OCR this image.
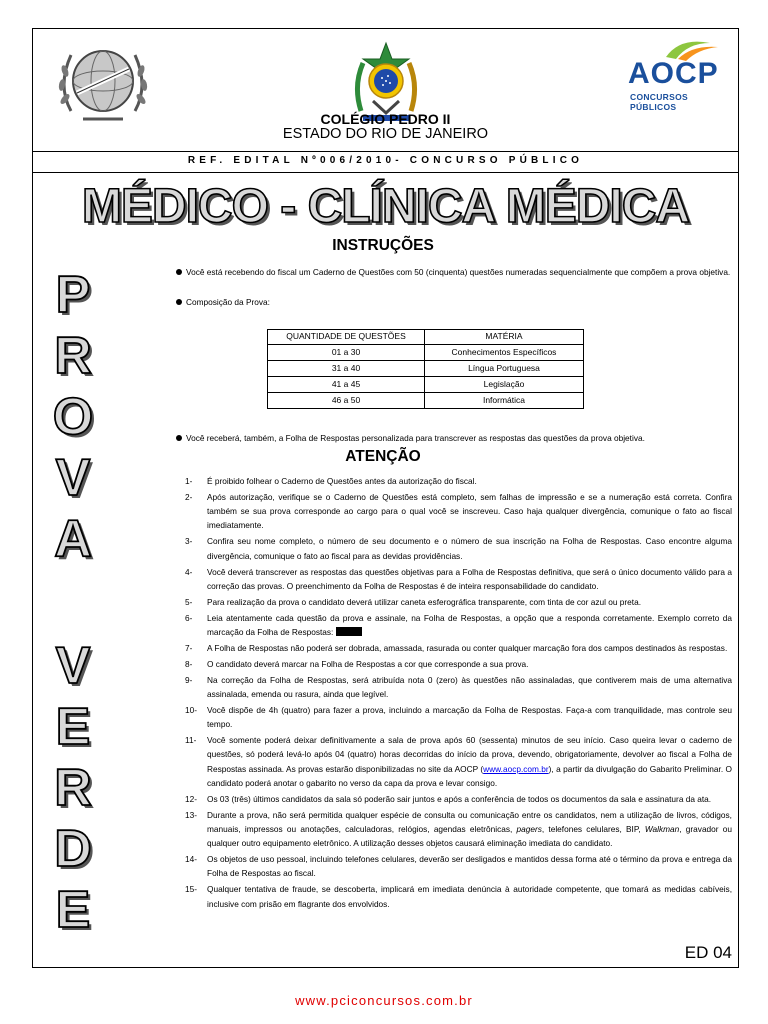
AOCP
CONCURSOS PÚBLICOS
COLÉGIO PEDRO II
ESTADO DO RIO DE JANEIRO
REF. EDITAL Nº006/2010- CONCURSO PÚBLICO
MÉDICO - CLÍNICA MÉDICA
P
R
O
V
A
V
E
R
D
E
INSTRUÇÕES
Você está recebendo do fiscal um Caderno de Questões com 50 (cinquenta) questões numeradas sequencialmente que compõem a prova objetiva.
Composição da Prova:
QUANTIDADE DE QUESTÕES	MATÉRIA
01 a 30	Conhecimentos Específicos
31 a 40	Língua Portuguesa
41 a 45	Legislação
46 a 50	Informática
Você receberá, também, a Folha de Respostas personalizada para transcrever as respostas das questões da prova objetiva.
ATENÇÃO
1- É proibido folhear o Caderno de Questões antes da autorização do fiscal.
2- Após autorização, verifique se o Caderno de Questões está completo, sem falhas de impressão e se a numeração está correta. Confira também se sua prova corresponde ao cargo para o qual você se inscreveu. Caso haja qualquer divergência, comunique o fato ao fiscal imediatamente.
3- Confira seu nome completo, o número de seu documento e o número de sua inscrição na Folha de Respostas. Caso encontre alguma divergência, comunique o fato ao fiscal para as devidas providências.
4- Você deverá transcrever as respostas das questões objetivas para a Folha de Respostas definitiva, que será o único documento válido para a correção das provas. O preenchimento da Folha de Respostas é de inteira responsabilidade do candidato.
5- Para realização da prova o candidato deverá utilizar caneta esferográfica transparente, com tinta de cor azul ou preta.
6- Leia atentamente cada questão da prova e assinale, na Folha de Respostas, a opção que a responda corretamente. Exemplo correto da marcação da Folha de Respostas:
7- A Folha de Respostas não poderá ser dobrada, amassada, rasurada ou conter qualquer marcação fora dos campos destinados às respostas.
8- O candidato deverá marcar na Folha de Respostas a cor que corresponde a sua prova.
9- Na correção da Folha de Respostas, será atribuída nota 0 (zero) às questões não assinaladas, que contiverem mais de uma alternativa assinalada, emenda ou rasura, ainda que legível.
10- Você dispõe de 4h (quatro) para fazer a prova, incluindo a marcação da Folha de Respostas. Faça-a com tranquilidade, mas controle seu tempo.
11- Você somente poderá deixar definitivamente a sala de prova após 60 (sessenta) minutos de seu início. Caso queira levar o caderno de questões, só poderá levá-lo após 04 (quatro) horas decorridas do início da prova, devendo, obrigatoriamente, devolver ao fiscal a Folha de Respostas assinada. As provas estarão disponibilizadas no site da AOCP (www.aocp.com.br), a partir da divulgação do Gabarito Preliminar. O candidato poderá anotar o gabarito no verso da capa da prova e levar consigo.
12- Os 03 (três) últimos candidatos da sala só poderão sair juntos e após a conferência de todos os documentos da sala e assinatura da ata.
13- Durante a prova, não será permitida qualquer espécie de consulta ou comunicação entre os candidatos, nem a utilização de livros, códigos, manuais, impressos ou anotações, calculadoras, relógios, agendas eletrônicas, pagers, telefones celulares, BIP, Walkman, gravador ou qualquer outro equipamento eletrônico. A utilização desses objetos causará eliminação imediata do candidato.
14- Os objetos de uso pessoal, incluindo telefones celulares, deverão ser desligados e mantidos dessa forma até o término da prova e entrega da Folha de Respostas ao fiscal.
15- Qualquer tentativa de fraude, se descoberta, implicará em imediata denúncia à autoridade competente, que tomará as medidas cabíveis, inclusive com prisão em flagrante dos envolvidos.
ED 04
www.pciconcursos.com.br
